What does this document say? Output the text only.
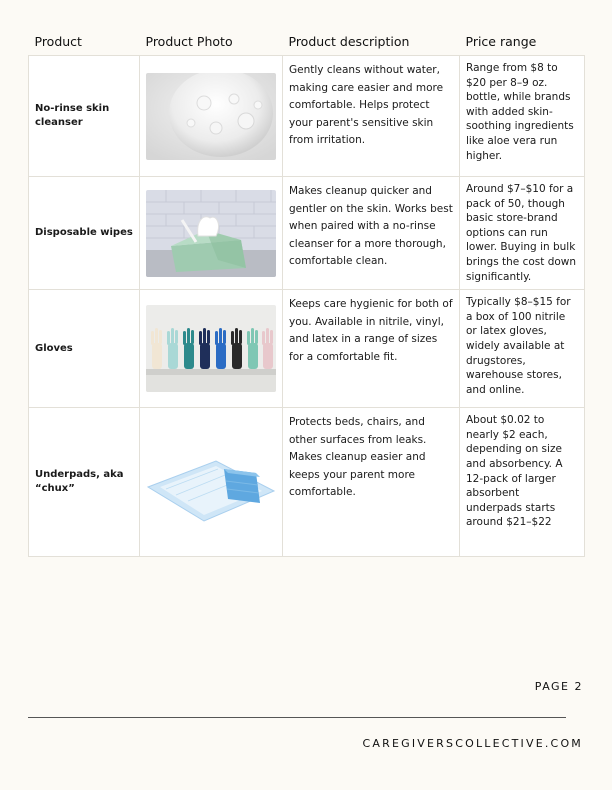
Product	Product Photo	Product description	Price range
No-rinse skin cleanser		Gently cleans without water, making care easier and more comfortable. Helps protect your parent's sensitive skin from irritation.	Range from $8 to $20 per 8–9 oz. bottle, while brands with added skin-soothing ingredients like aloe vera run higher.
Disposable wipes		Makes cleanup quicker and gentler on the skin. Works best when paired with a no-rinse cleanser for a more thorough, comfortable clean.	Around $7–$10 for a pack of 50, though basic store-brand options can run lower. Buying in bulk brings the cost down significantly.
Gloves		Keeps care hygienic for both of you. Available in nitrile, vinyl, and latex in a range of sizes for a comfortable fit.	Typically $8–$15 for a box of 100 nitrile or latex gloves, widely available at drugstores, warehouse stores, and online.
Underpads, aka “chux”		Protects beds, chairs, and other surfaces from leaks. Makes cleanup easier and keeps your parent more comfortable.	About $0.02 to nearly $2 each, depending on size and absorbency. A 12-pack of larger absorbent underpads starts around $21–$22
PAGE 2
CAREGIVERSCOLLECTIVE.COM
